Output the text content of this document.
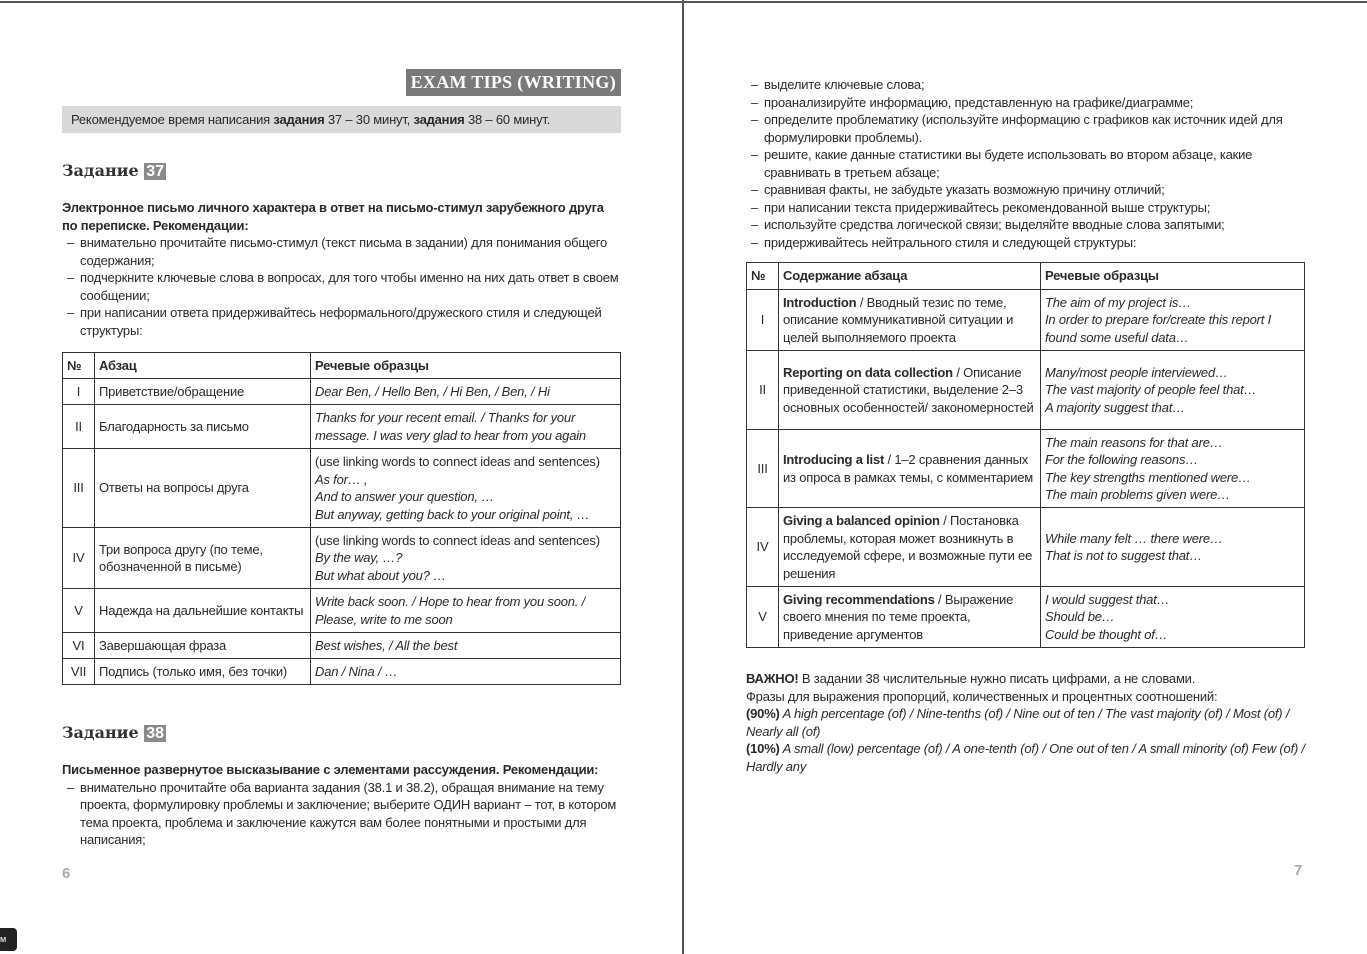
EXAM TIPS (WRITING)
Рекомендуемое время написания задания 37 – 30 минут, задания 38 – 60 минут.
Задание 37
Электронное письмо личного характера в ответ на письмо-стимул зарубежного друга по переписке. Рекомендации:
– внимательно прочитайте письмо-стимул (текст письма в задании) для понимания общего содержания;
– подчеркните ключевые слова в вопросах, для того чтобы именно на них дать ответ в своем сообщении;
– при написании ответа придерживайтесь неформального/дружеского стиля и следующей структуры:
№	Абзац	Речевые образцы
I	Приветствие/обращение	Dear Ben, / Hello Ben, / Hi Ben, / Ben, / Hi

II	Благодарность за письмо	Thanks for your recent email. / Thanks for your message. I was very glad to hear from you again

III	Ответы на вопросы друга	(use linking words to connect ideas and sentences)
As for… ,
And to answer your question, …
But anyway, getting back to your original point, …

IV	Три вопроса другу (по теме, обозначенной в письме)	(use linking words to connect ideas and sentences)
By the way, …?
But what about you? …

V	Надежда на дальнейшие контакты	Write back soon. / Hope to hear from you soon. / Please, write to me soon

VI	Завершающая фраза	Best wishes, / All the best

VII	Подпись (только имя, без точки)	Dan / Nina / …
Задание 38
Письменное развернутое высказывание с элементами рассуждения. Рекомендации:
– внимательно прочитайте оба варианта задания (38.1 и 38.2), обращая внимание на тему проекта, формулировку проблемы и заключение; выберите ОДИН вариант – тот, в котором тема проекта, проблема и заключение кажутся вам более понятными и простыми для написания;
6
м
– выделите ключевые слова;
– проанализируйте информацию, представленную на графике/диаграмме;
– определите проблематику (используйте информацию с графиков как источник идей для формулировки проблемы).
– решите, какие данные статистики вы будете использовать во втором абзаце, какие сравнивать в третьем абзаце;
– сравнивая факты, не забудьте указать возможную причину отличий;
– при написании текста придерживайтесь рекомендованной выше структуры;
– используйте средства логической связи; выделяйте вводные слова запятыми;
– придерживайтесь нейтрального стиля и следующей структуры:
№	Содержание абзаца	Речевые образцы
I	Introduction / Вводный тезис по теме, описание коммуникативной ситуации и целей выполняемого проекта	The aim of my project is…
In order to prepare for/create this report I found some useful data…

II	Reporting on data collection / Описание приведенной статистики, выделение 2–3 основных особенностей/ закономерностей	Many/most people interviewed…
The vast majority of people feel that…
A majority suggest that…

III	Introducing a list / 1–2 сравнения данных из опроса в рамках темы, с комментарием	The main reasons for that are…
For the following reasons…
The key strengths mentioned were…
The main problems given were…

IV	Giving a balanced opinion / Постановка проблемы, которая может возникнуть в исследуемой сфере, и возможные пути ее решения	While many felt … there were…
That is not to suggest that…

V	Giving recommendations / Выражение своего мнения по теме проекта, приведение аргументов	I would suggest that…
Should be…
Could be thought of…
ВАЖНО! В задании 38 числительные нужно писать цифрами, а не словами.
Фразы для выражения пропорций, количественных и процентных соотношений:
(90%) A high percentage (of) / Nine-tenths (of) / Nine out of ten / The vast majority (of) / Most (of) / Nearly all (of)
(10%) A small (low) percentage (of) / A one-tenth (of) / One out of ten / A small minority (of) Few (of) / Hardly any
7
